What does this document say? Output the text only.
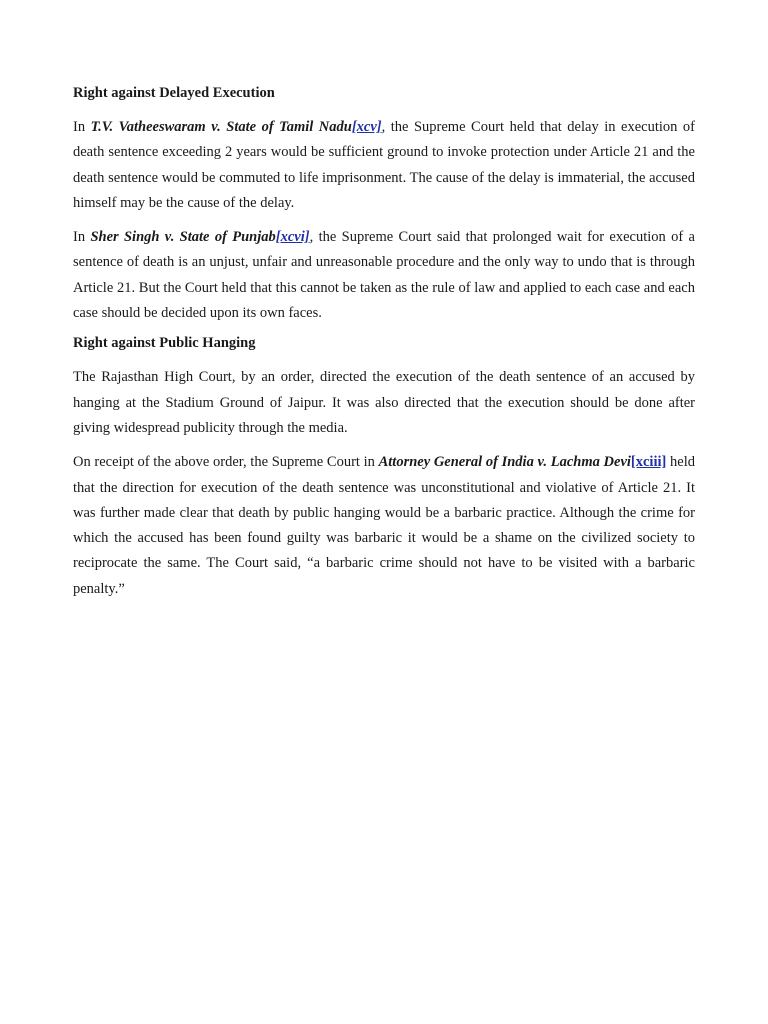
Right against Delayed Execution

In T.V. Vatheeswaram v. State of Tamil Nadu[xcv], the Supreme Court held that delay in execution of death sentence exceeding 2 years would be sufficient ground to invoke protection under Article 21 and the death sentence would be commuted to life imprisonment. The cause of the delay is immaterial, the accused himself may be the cause of the delay.

In Sher Singh v. State of Punjab[xcvi], the Supreme Court said that prolonged wait for execution of a sentence of death is an unjust, unfair and unreasonable procedure and the only way to undo that is through Article 21. But the Court held that this cannot be taken as the rule of law and applied to each case and each case should be decided upon its own faces.

Right against Public Hanging

The Rajasthan High Court, by an order, directed the execution of the death sentence of an accused by hanging at the Stadium Ground of Jaipur. It was also directed that the execution should be done after giving widespread publicity through the media.

On receipt of the above order, the Supreme Court in Attorney General of India v. Lachma Devi[xciii] held that the direction for execution of the death sentence was unconstitutional and violative of Article 21. It was further made clear that death by public hanging would be a barbaric practice. Although the crime for which the accused has been found guilty was barbaric it would be a shame on the civilized society to reciprocate the same. The Court said, “a barbaric crime should not have to be visited with a barbaric penalty.”
